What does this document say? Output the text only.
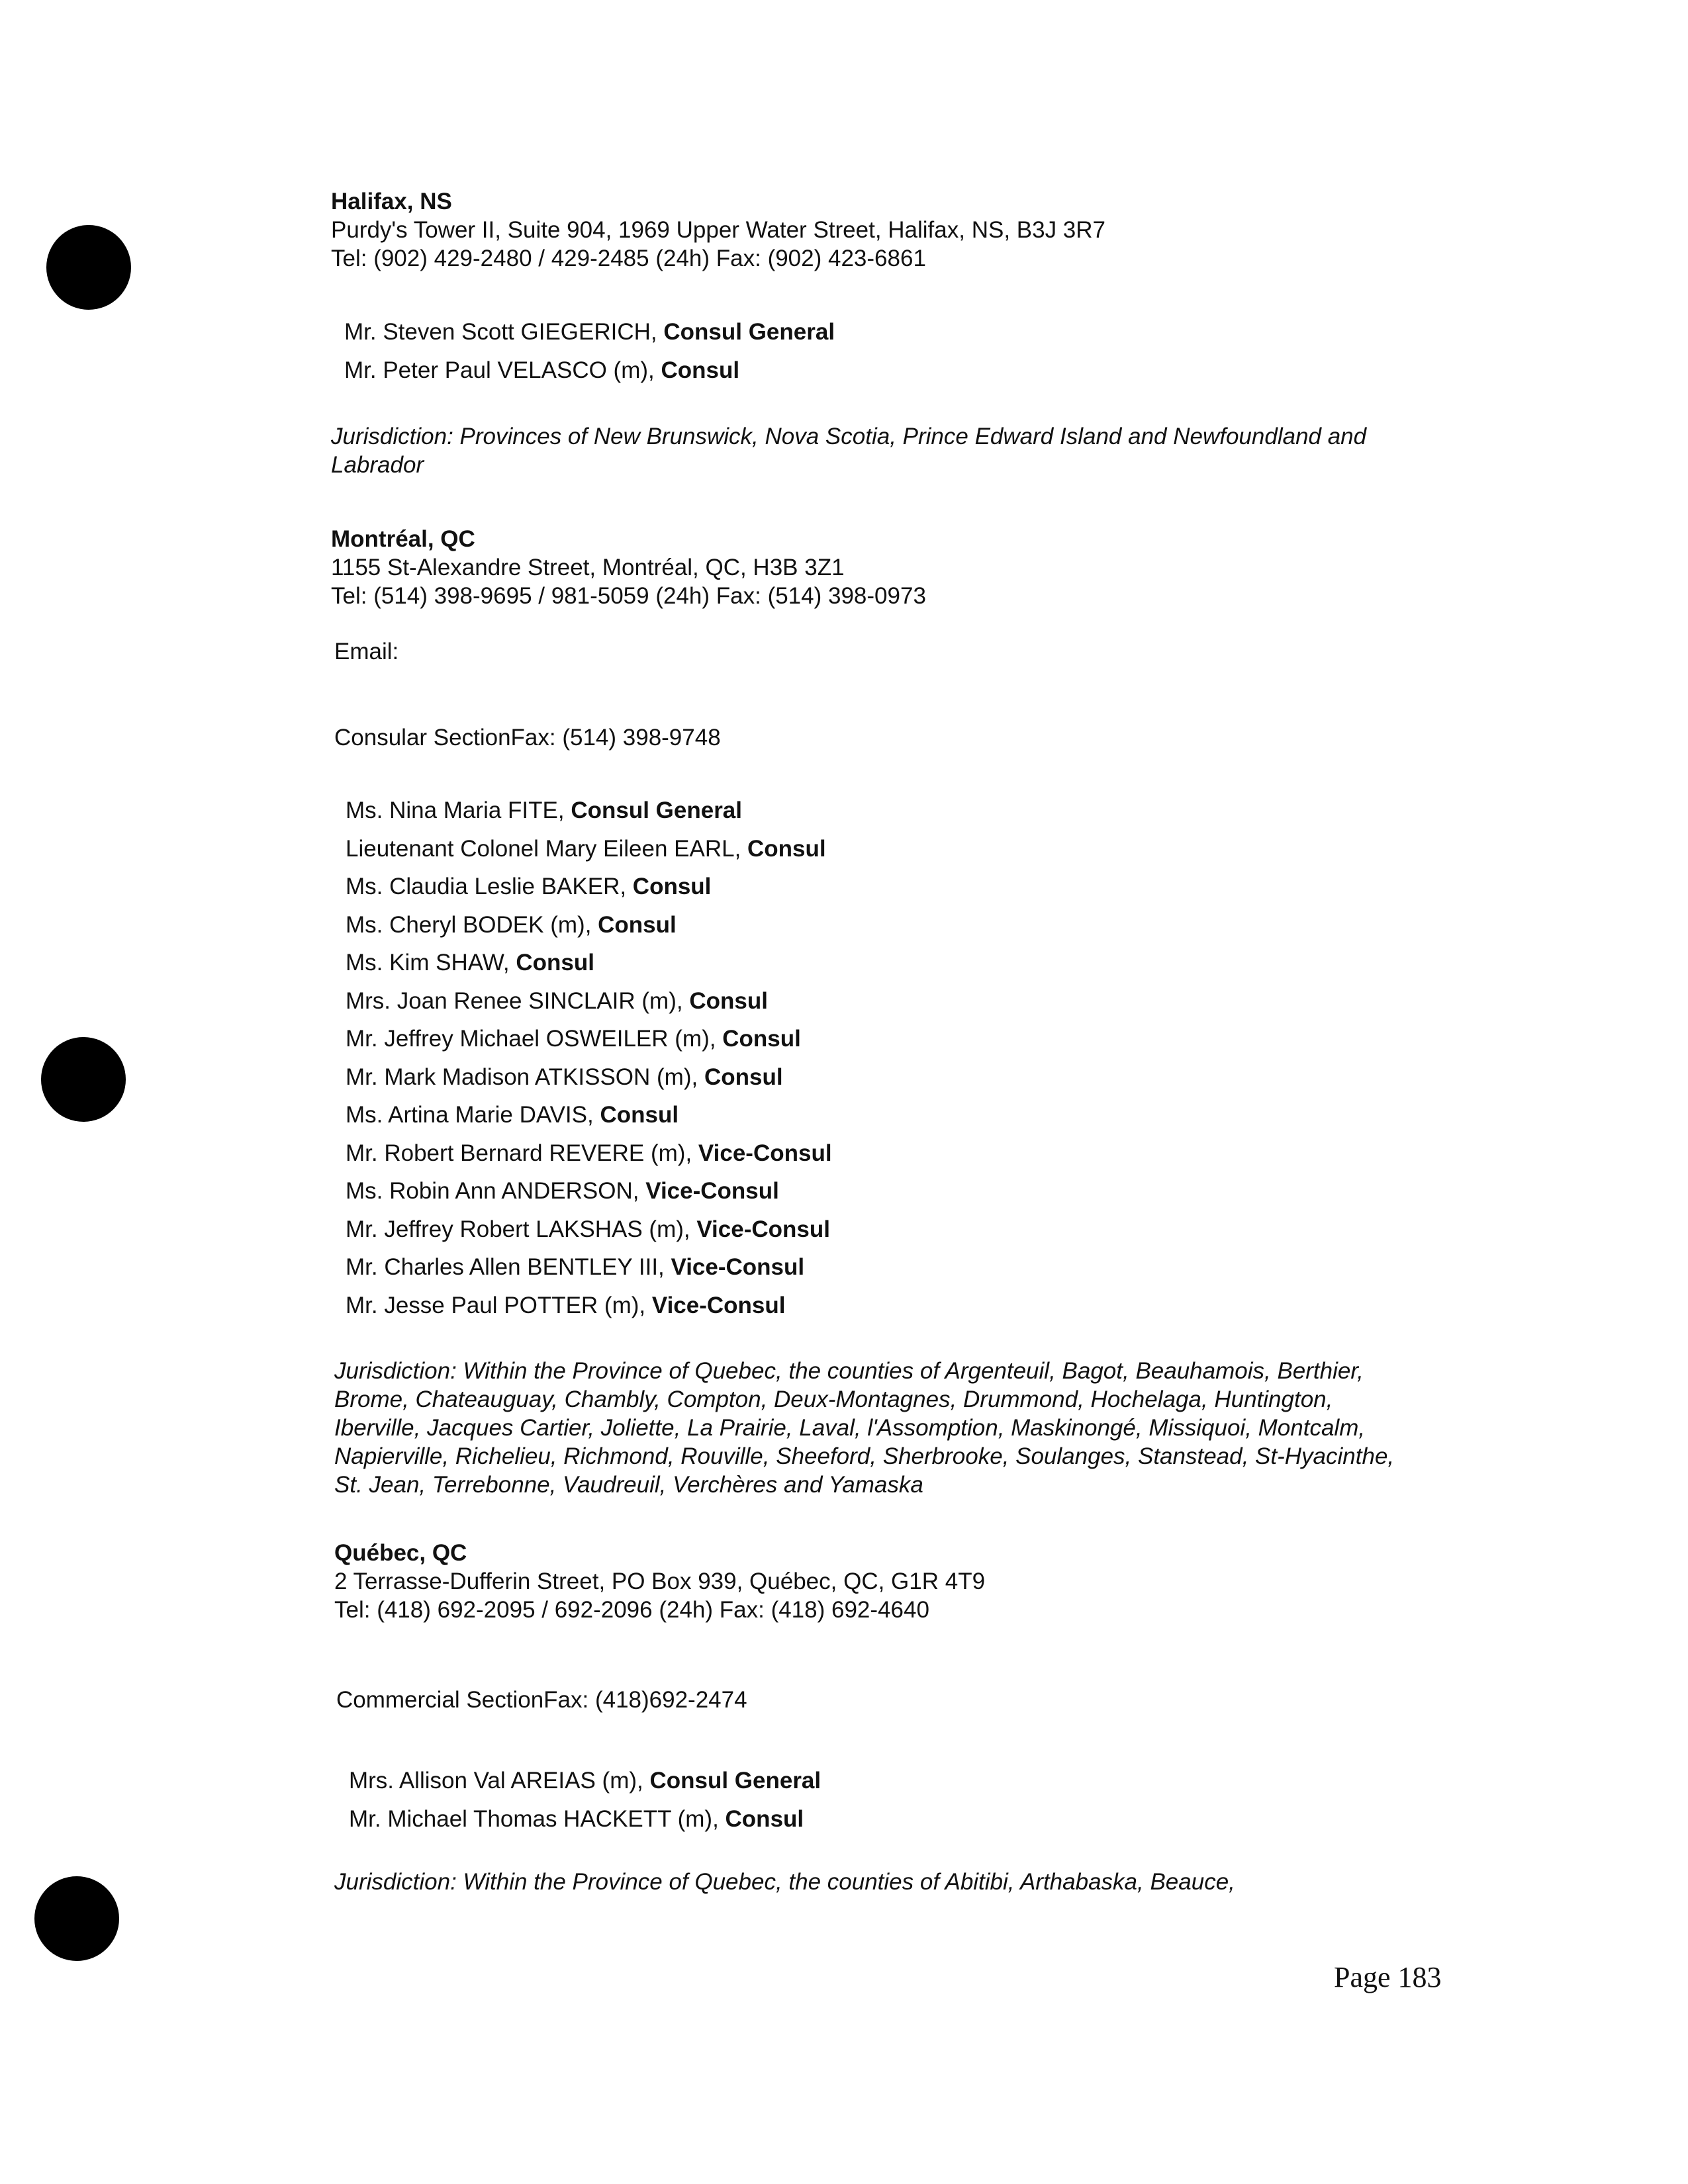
Halifax, NS
Purdy's Tower II, Suite 904, 1969 Upper Water Street, Halifax, NS, B3J 3R7
Tel: (902) 429-2480 / 429-2485 (24h) Fax: (902) 423-6861
Mr. Steven Scott GIEGERICH, Consul General
Mr. Peter Paul VELASCO (m), Consul
Jurisdiction: Provinces of New Brunswick, Nova Scotia, Prince Edward Island and Newfoundland and Labrador
Montréal, QC
1155 St-Alexandre Street, Montréal, QC, H3B 3Z1
Tel: (514) 398-9695 / 981-5059 (24h) Fax: (514) 398-0973
Email:
Consular SectionFax: (514) 398-9748
Ms. Nina Maria FITE, Consul General
Lieutenant Colonel Mary Eileen EARL, Consul
Ms. Claudia Leslie BAKER, Consul
Ms. Cheryl BODEK (m), Consul
Ms. Kim SHAW, Consul
Mrs. Joan Renee SINCLAIR (m), Consul
Mr. Jeffrey Michael OSWEILER (m), Consul
Mr. Mark Madison ATKISSON (m), Consul
Ms. Artina Marie DAVIS, Consul
Mr. Robert Bernard REVERE (m), Vice-Consul
Ms. Robin Ann ANDERSON, Vice-Consul
Mr. Jeffrey Robert LAKSHAS (m), Vice-Consul
Mr. Charles Allen BENTLEY III, Vice-Consul
Mr. Jesse Paul POTTER (m), Vice-Consul
Jurisdiction: Within the Province of Quebec, the counties of Argenteuil, Bagot, Beauhamois, Berthier, Brome, Chateauguay, Chambly, Compton, Deux-Montagnes, Drummond, Hochelaga, Huntington, Iberville, Jacques Cartier, Joliette, La Prairie, Laval, l'Assomption, Maskinongé, Missiquoi, Montcalm, Napierville, Richelieu, Richmond, Rouville, Sheeford, Sherbrooke, Soulanges, Stanstead, St-Hyacinthe, St. Jean, Terrebonne, Vaudreuil, Verchères and Yamaska
Québec, QC
2 Terrasse-Dufferin Street, PO Box 939, Québec, QC, G1R 4T9
Tel: (418) 692-2095 / 692-2096 (24h) Fax: (418) 692-4640
Commercial SectionFax: (418)692-2474
Mrs. Allison Val AREIAS (m), Consul General
Mr. Michael Thomas HACKETT (m), Consul
Jurisdiction: Within the Province of Quebec, the counties of Abitibi, Arthabaska, Beauce,
Page 183
